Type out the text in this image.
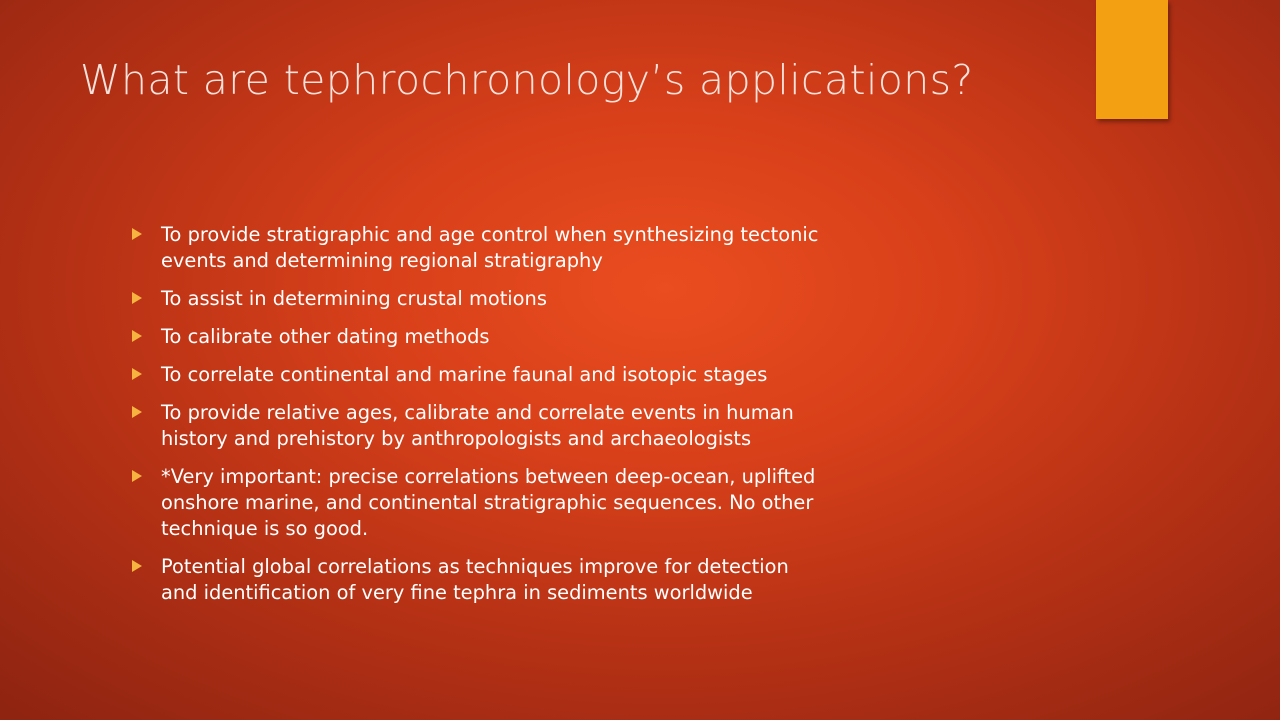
What are tephrochronology’s applications?
To provide stratigraphic and age control when synthesizing tectonic
events and determining regional stratigraphy
To assist in determining crustal motions
To calibrate other dating methods
To correlate continental and marine faunal and isotopic stages
To provide relative ages, calibrate and correlate events in human
history and prehistory by anthropologists and archaeologists
*Very important: precise correlations between deep-ocean, uplifted
onshore marine, and continental stratigraphic sequences. No other
technique is so good.
Potential global correlations as techniques improve for detection
and identification of very fine tephra in sediments worldwide
